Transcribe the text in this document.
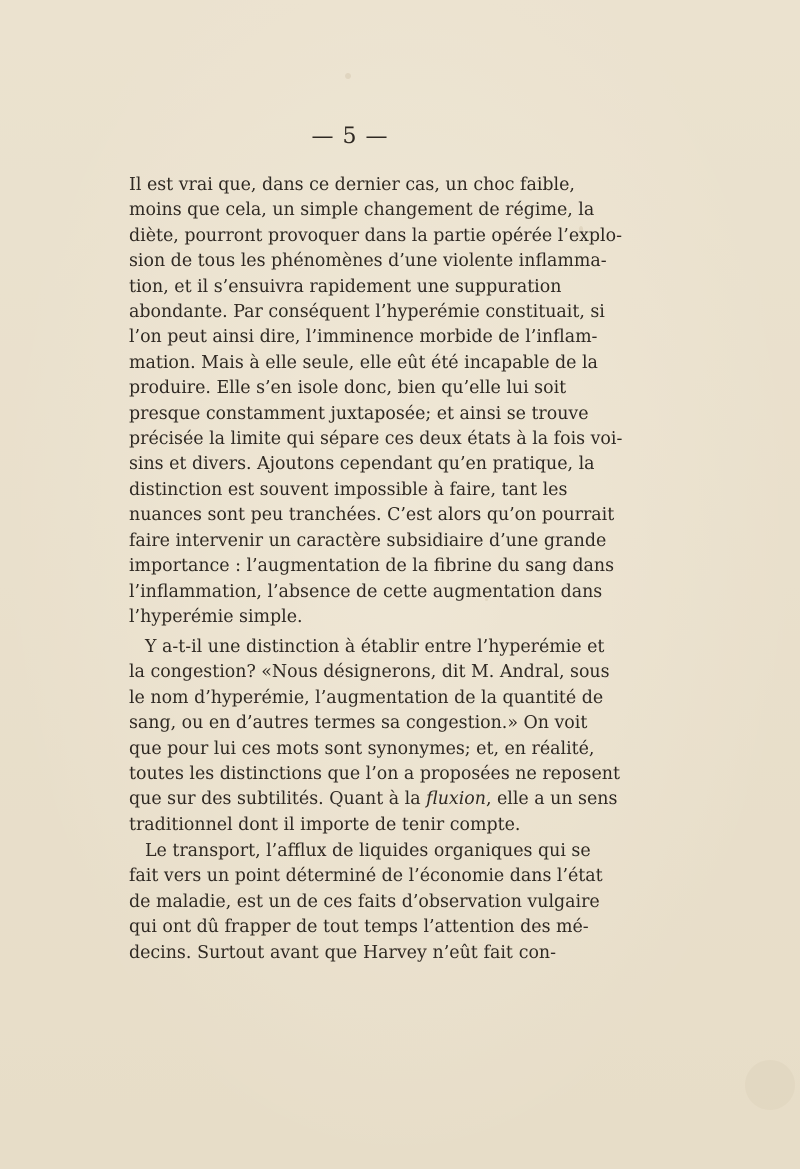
— 5 —
Il est vrai que, dans ce dernier cas, un choc faible,
moins que cela, un simple changement de régime, la
diète, pourront provoquer dans la partie opérée l’explo-
sion de tous les phénomènes d’une violente inflamma-
tion, et il s’ensuivra rapidement une suppuration
abondante. Par conséquent l’hyperémie constituait, si
l’on peut ainsi dire, l’imminence morbide de l’inflam-
mation. Mais à elle seule, elle eût été incapable de la
produire. Elle s’en isole donc, bien qu’elle lui soit
presque constamment juxtaposée; et ainsi se trouve
précisée la limite qui sépare ces deux états à la fois voi-
sins et divers. Ajoutons cependant qu’en pratique, la
distinction est souvent impossible à faire, tant les
nuances sont peu tranchées. C’est alors qu’on pourrait
faire intervenir un caractère subsidiaire d’une grande
importance : l’augmentation de la fibrine du sang dans
l’inflammation, l’absence de cette augmentation dans
l’hyperémie simple.
Y a-t-il une distinction à établir entre l’hyperémie et
la congestion? «Nous désignerons, dit M. Andral, sous
le nom d’hyperémie, l’augmentation de la quantité de
sang, ou en d’autres termes sa congestion.» On voit
que pour lui ces mots sont synonymes; et, en réalité,
toutes les distinctions que l’on a proposées ne reposent
que sur des subtilités. Quant à la fluxion, elle a un sens
traditionnel dont il importe de tenir compte.
Le transport, l’afflux de liquides organiques qui se
fait vers un point déterminé de l’économie dans l’état
de maladie, est un de ces faits d’observation vulgaire
qui ont dû frapper de tout temps l’attention des mé-
decins. Surtout avant que Harvey n’eût fait con-
